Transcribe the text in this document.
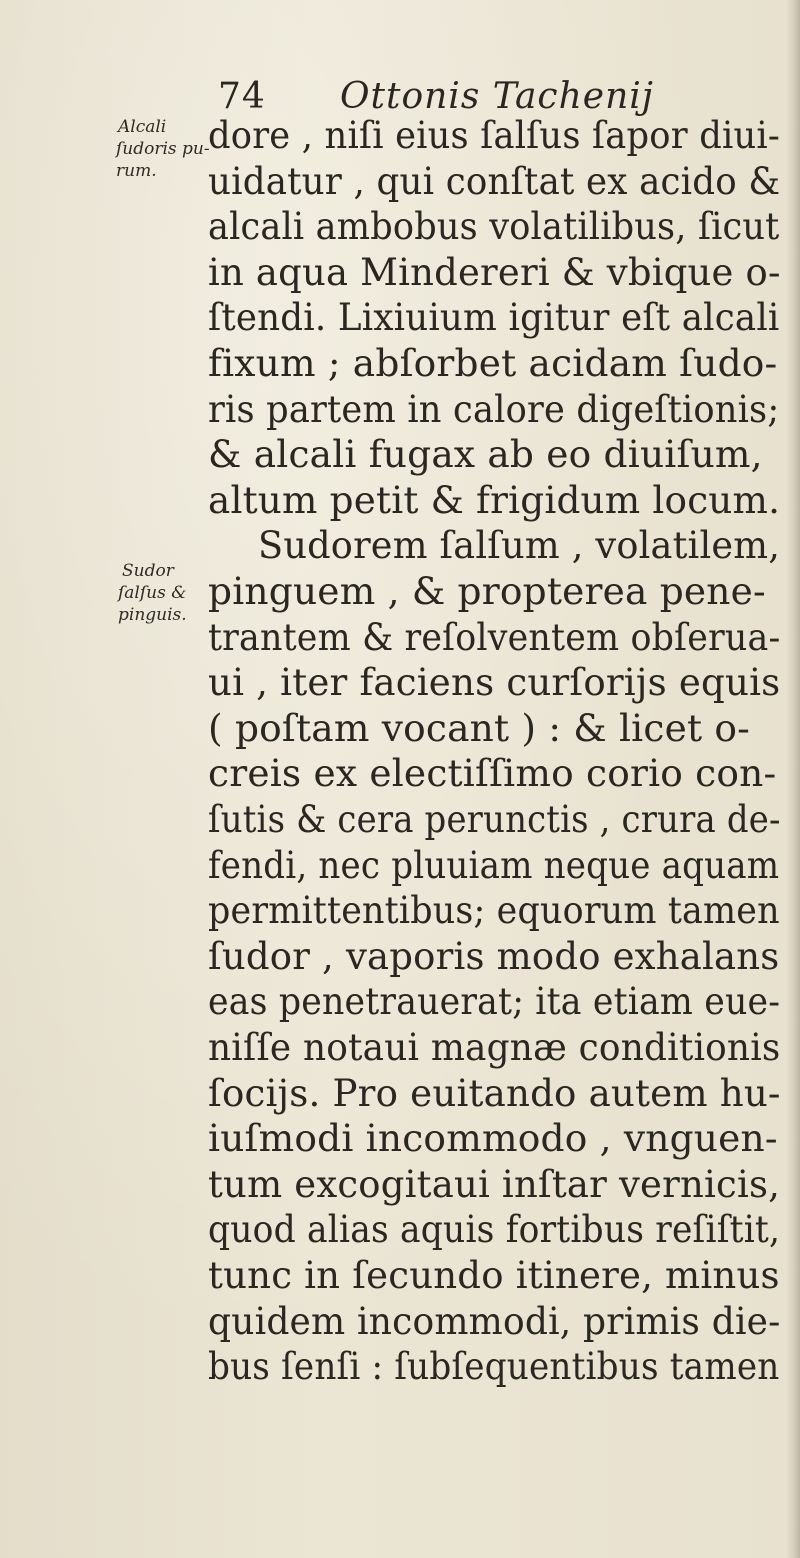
74 Ottonis Tachenij
Alcali
ſudoris pu-
rum.
Sudor
ſalſus &
pinguis.
dore , niſi eius ſalſus ſapor diui-
uidatur , qui conſtat ex acido &
alcali ambobus volatilibus, ſicut
in aqua Mindereri & vbique o-
ſtendi. Lixiuium igitur eſt alcali
fixum ; abſorbet acidam ſudo-
ris partem in calore digeſtionis;
& alcali fugax ab eo diuiſum,
altum petit & frigidum locum.
Sudorem ſalſum , volatilem,
pinguem , & propterea pene-
trantem & reſolventem obſerua-
ui , iter faciens curſorijs equis
( poſtam vocant ) : & licet o-
creis ex electiſſimo corio con-
ſutis & cera perunctis , crura de-
fendi, nec pluuiam neque aquam
permittentibus; equorum tamen
ſudor , vaporis modo exhalans
eas penetrauerat; ita etiam eue-
niſſe notaui magnæ conditionis
ſocijs. Pro euitando autem hu-
iuſmodi incommodo , vnguen-
tum excogitaui inſtar vernicis,
quod alias aquis fortibus reſiſtit,
tunc in ſecundo itinere, minus
quidem incommodi, primis die-
bus ſenſi : ſubſequentibus tamen
